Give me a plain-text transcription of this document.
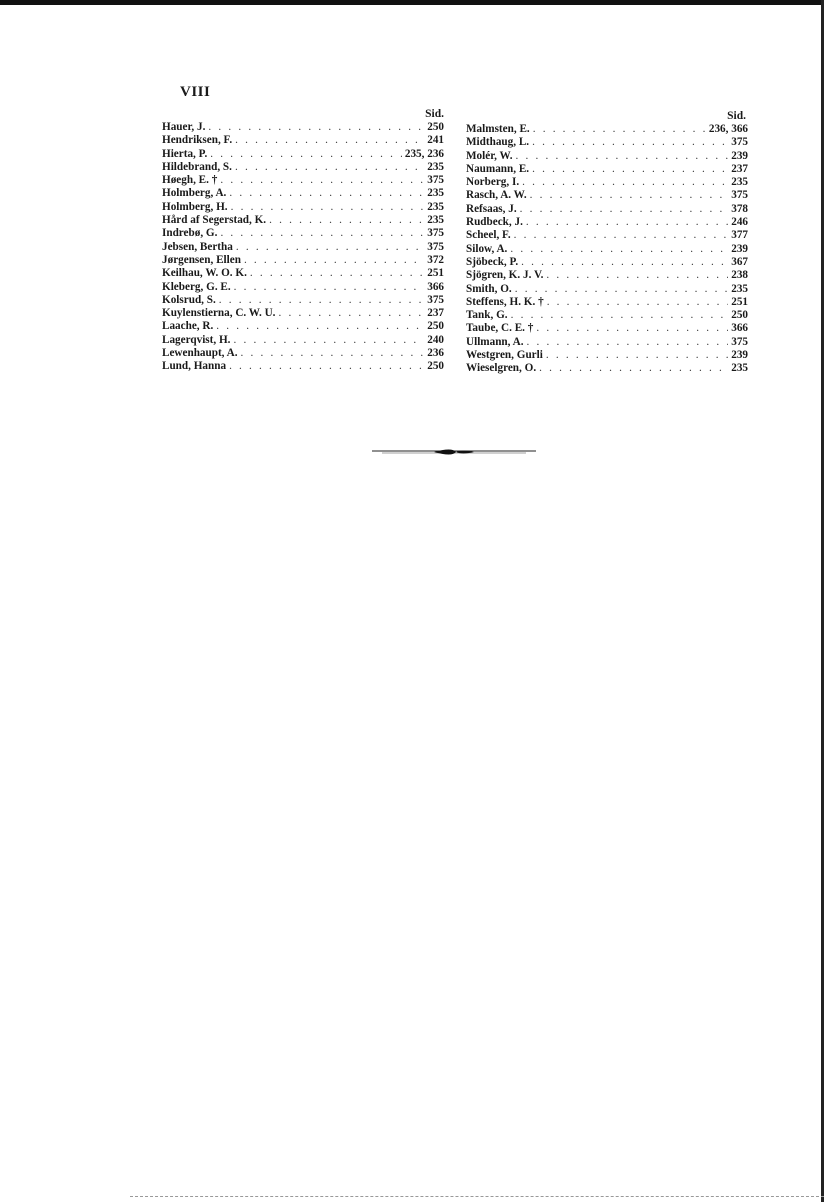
VIII
Sid.
Hauer, J. . . .	250
Hendriksen, F. . . .	241
Hierta, P. . . .	235, 236
Hildebrand, S. . . .	235
Høegh, E. † . . .	375
Holmberg, A. . . .	235
Holmberg, H. . . .	235
Hård af Segerstad, K. . . .	235
Indrebø, G. . . .	375
Jebsen, Bertha . . .	375
Jørgensen, Ellen . . .	372
Keilhau, W. O. K. . . .	251
Kleberg, G. E. . . .	366
Kolsrud, S. . . .	375
Kuylenstierna, C. W. U. . . .	237
Laache, R. . . .	250
Lagerqvist, H. . . .	240
Lewenhaupt, A. . . .	236
Lund, Hanna . . .	250
Sid.
Malmsten, E. . . .	236, 366
Midthaug, L. . . .	375
Molér, W. . . .	239
Naumann, E. . . .	237
Norberg, I. . . .	235
Rasch, A. W. . . .	375
Refsaas, J. . . .	378
Rudbeck, J. . . .	246
Scheel, F. . . .	377
Silow, A. . . .	239
Sjöbeck, P. . . .	367
Sjögren, K. J. V. . . .	238
Smith, O. . . .	235
Steffens, H. K. † . . .	251
Tank, G. . . .	250
Taube, C. E. † . . .	366
Ullmann, A. . . .	375
Westgren, Gurli . . .	239
Wieselgren, O. . . .	235
